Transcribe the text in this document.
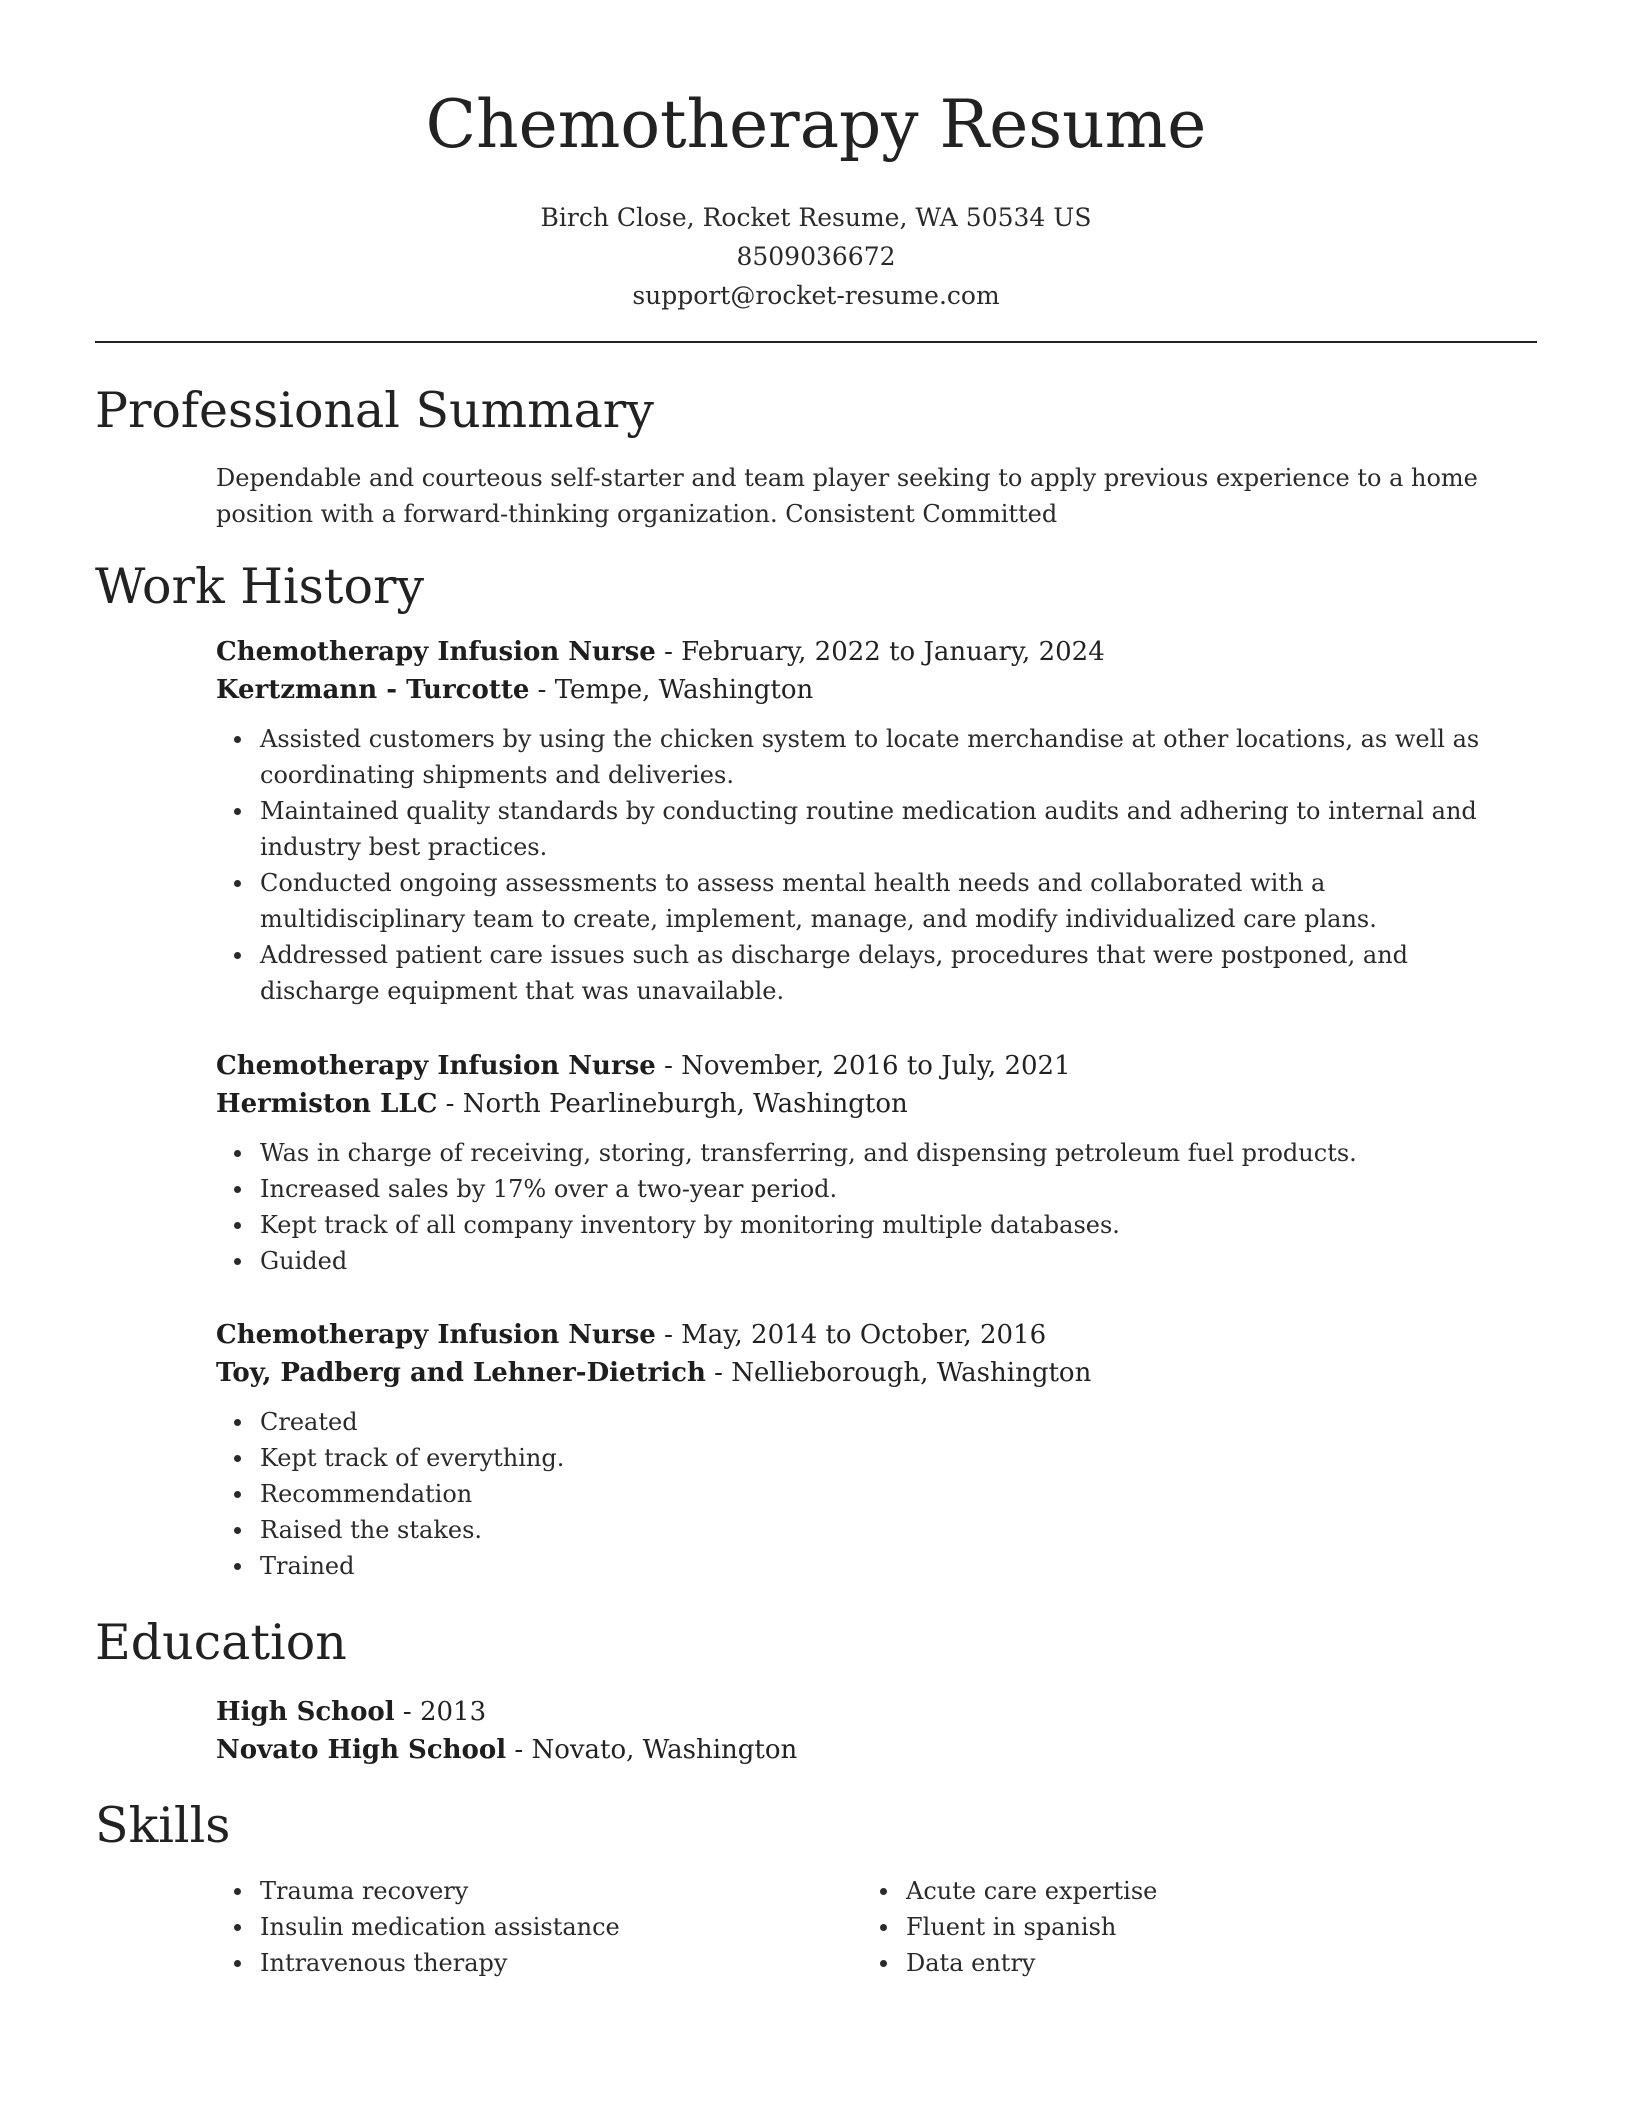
Chemotherapy Resume
Birch Close, Rocket Resume, WA 50534 US
8509036672
support@rocket-resume.com
Professional Summary

Dependable and courteous self-starter and team player seeking to apply previous experience to a home position with a forward-thinking organization. Consistent Committed

Work History
Chemotherapy Infusion Nurse - February, 2022 to January, 2024
Kertzmann - Turcotte - Tempe, Washington
Assisted customers by using the chicken system to locate merchandise at other locations, as well as coordinating shipments and deliveries.
Maintained quality standards by conducting routine medication audits and adhering to internal and industry best practices.
Conducted ongoing assessments to assess mental health needs and collaborated with a multidisciplinary team to create, implement, manage, and modify individualized care plans.
Addressed patient care issues such as discharge delays, procedures that were postponed, and discharge equipment that was unavailable.
Chemotherapy Infusion Nurse - November, 2016 to July, 2021
Hermiston LLC - North Pearlineburgh, Washington
Was in charge of receiving, storing, transferring, and dispensing petroleum fuel products.
Increased sales by 17% over a two-year period.
Kept track of all company inventory by monitoring multiple databases.
Guided
Chemotherapy Infusion Nurse - May, 2014 to October, 2016
Toy, Padberg and Lehner-Dietrich - Nellieborough, Washington
Created
Kept track of everything.
Recommendation
Raised the stakes.
Trained
Education
High School - 2013
Novato High School - Novato, Washington
Skills
Trauma recovery
Insulin medication assistance
Intravenous therapy
Acute care expertise
Fluent in spanish
Data entry
